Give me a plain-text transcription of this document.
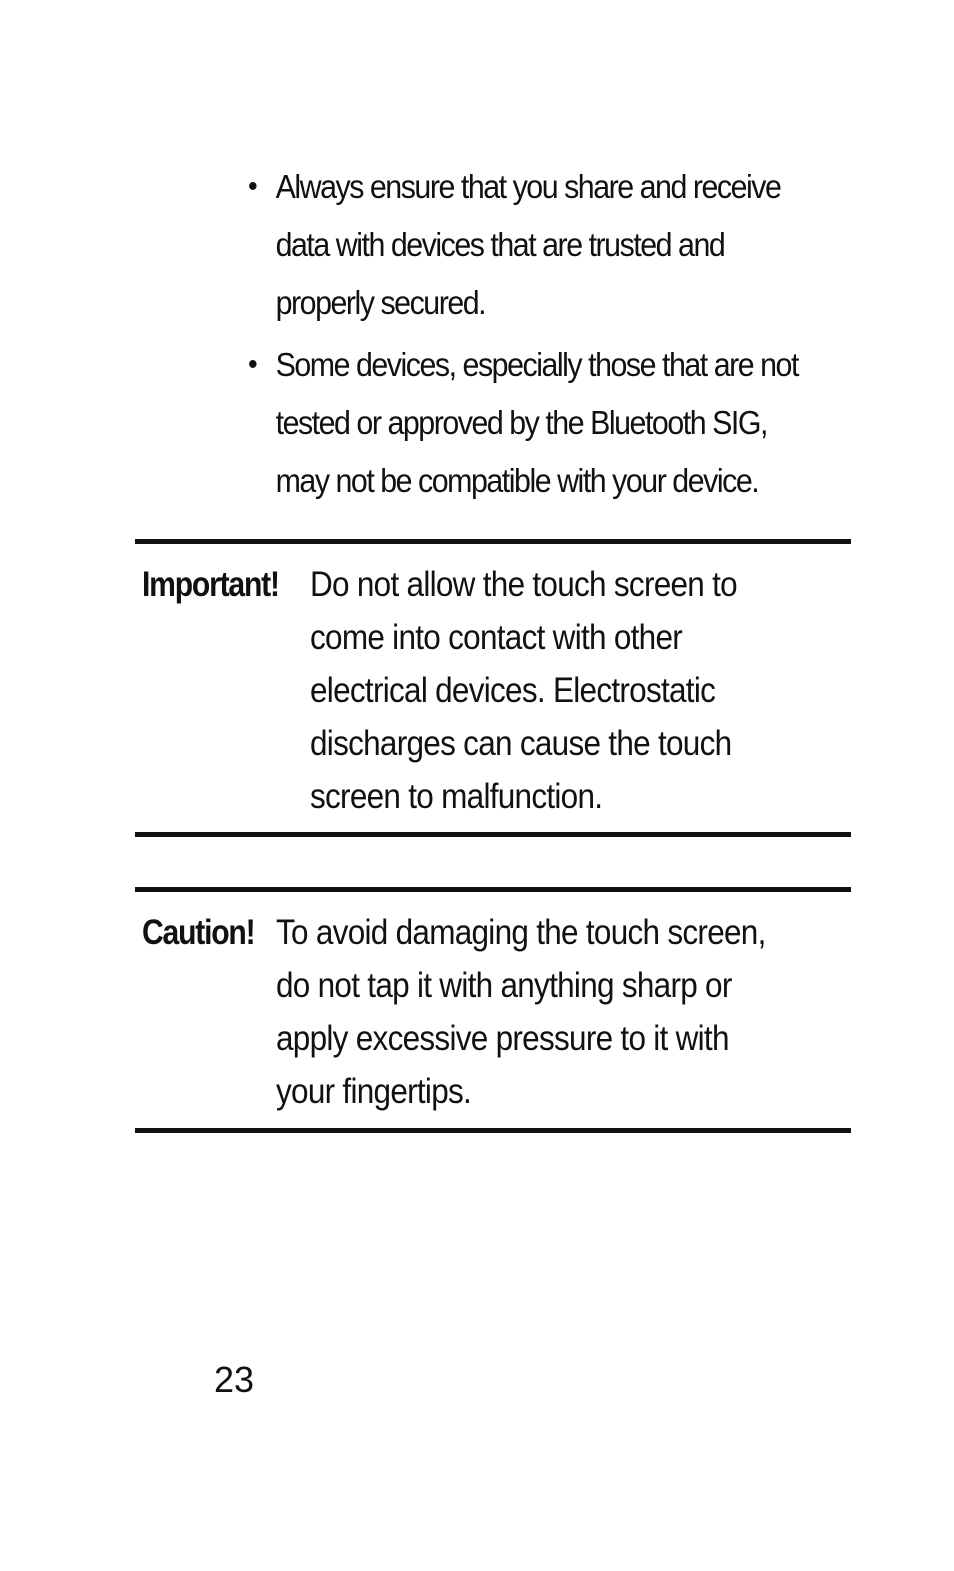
• Always ensure that you share and receive data with devices that are trusted and properly secured.
• Some devices, especially those that are not tested or approved by the Bluetooth SIG, may not be compatible with your device.
Important! Do not allow the touch screen to come into contact with other electrical devices. Electrostatic discharges can cause the touch screen to malfunction.
Caution! To avoid damaging the touch screen, do not tap it with anything sharp or apply excessive pressure to it with your fingertips.
23
